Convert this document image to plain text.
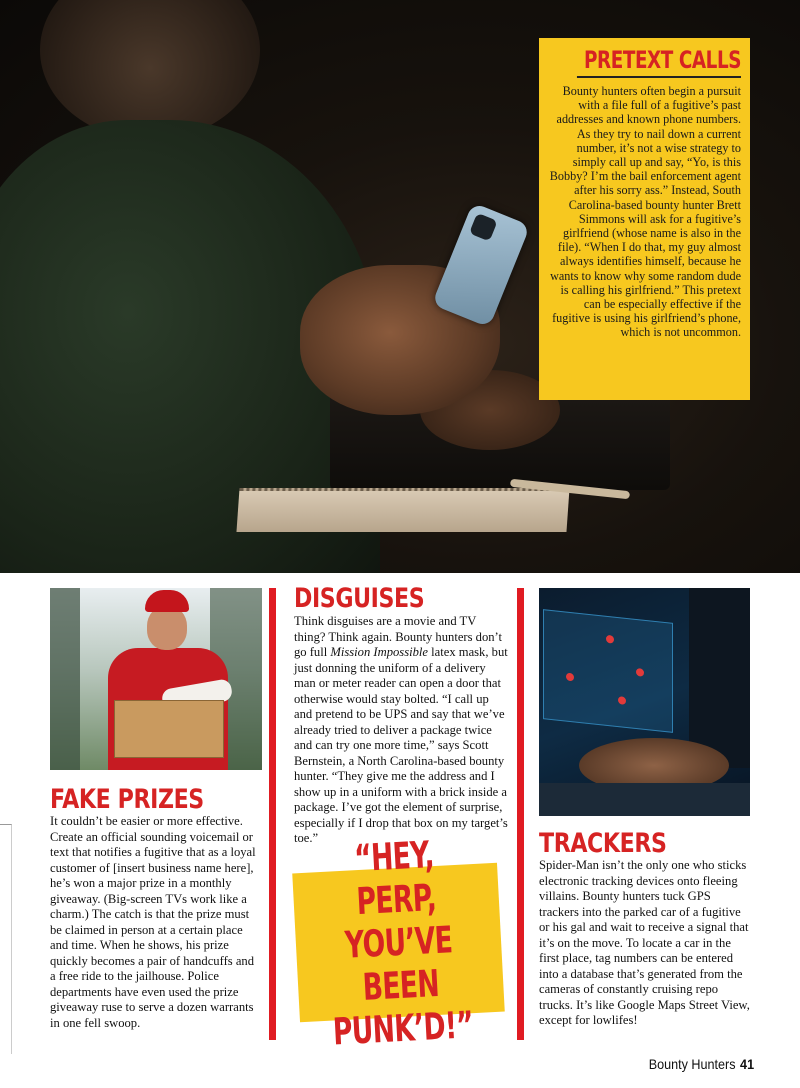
PRETEXT CALLS

Bounty hunters often begin a pursuit with a file full of a fugitive’s past addresses and known phone numbers. As they try to nail down a current number, it’s not a wise strategy to simply call up and say, “Yo, is this Bobby? I’m the bail enforcement agent after his sorry ass.” Instead, South Carolina-based bounty hunter Brett Simmons will ask for a fugitive’s girlfriend (whose name is also in the file). “When I do that, my guy almost always identifies himself, because he wants to know why some random dude is calling his girlfriend.” This pretext can be especially effective if the fugitive is using his girlfriend’s phone, which is not uncommon.

FAKE PRIZES

It couldn’t be easier or more effective. Create an official sounding voicemail or text that notifies a fugitive that as a loyal customer of [insert business name here], he’s won a major prize in a monthly giveaway. (Big-screen TVs work like a charm.) The catch is that the prize must be claimed in person at a certain place and time. When he shows, his prize quickly becomes a pair of handcuffs and a free ride to the jailhouse. Police departments have even used the prize giveaway ruse to serve a dozen warrants in one fell swoop.

DISGUISES

Think disguises are a movie and TV thing? Think again. Bounty hunters don’t go full Mission Impossible latex mask, but just donning the uniform of a delivery man or meter reader can open a door that otherwise would stay bolted. “I call up and pretend to be UPS and say that we’ve already tried to deliver a package twice and can try one more time,” says Scott Bernstein, a North Carolina-based bounty hunter. “They give me the address and I show up in a uniform with a brick inside a package. I’ve got the element of surprise, especially if I drop that box on my target’s toe.” “HEY, PERP,
YOU’VE BEEN
PUNK’D!”
TRACKERS

Spider-Man isn’t the only one who sticks electronic tracking devices onto fleeing villains. Bounty hunters tuck GPS trackers into the parked car of a fugitive or his gal and wait to receive a signal that it’s on the move. To locate a car in the first place, tag numbers can be entered into a database that’s generated from the cameras of constantly cruising repo trucks. It’s like Google Maps Street View, except for lowlifes!

Bounty Hunters 41
